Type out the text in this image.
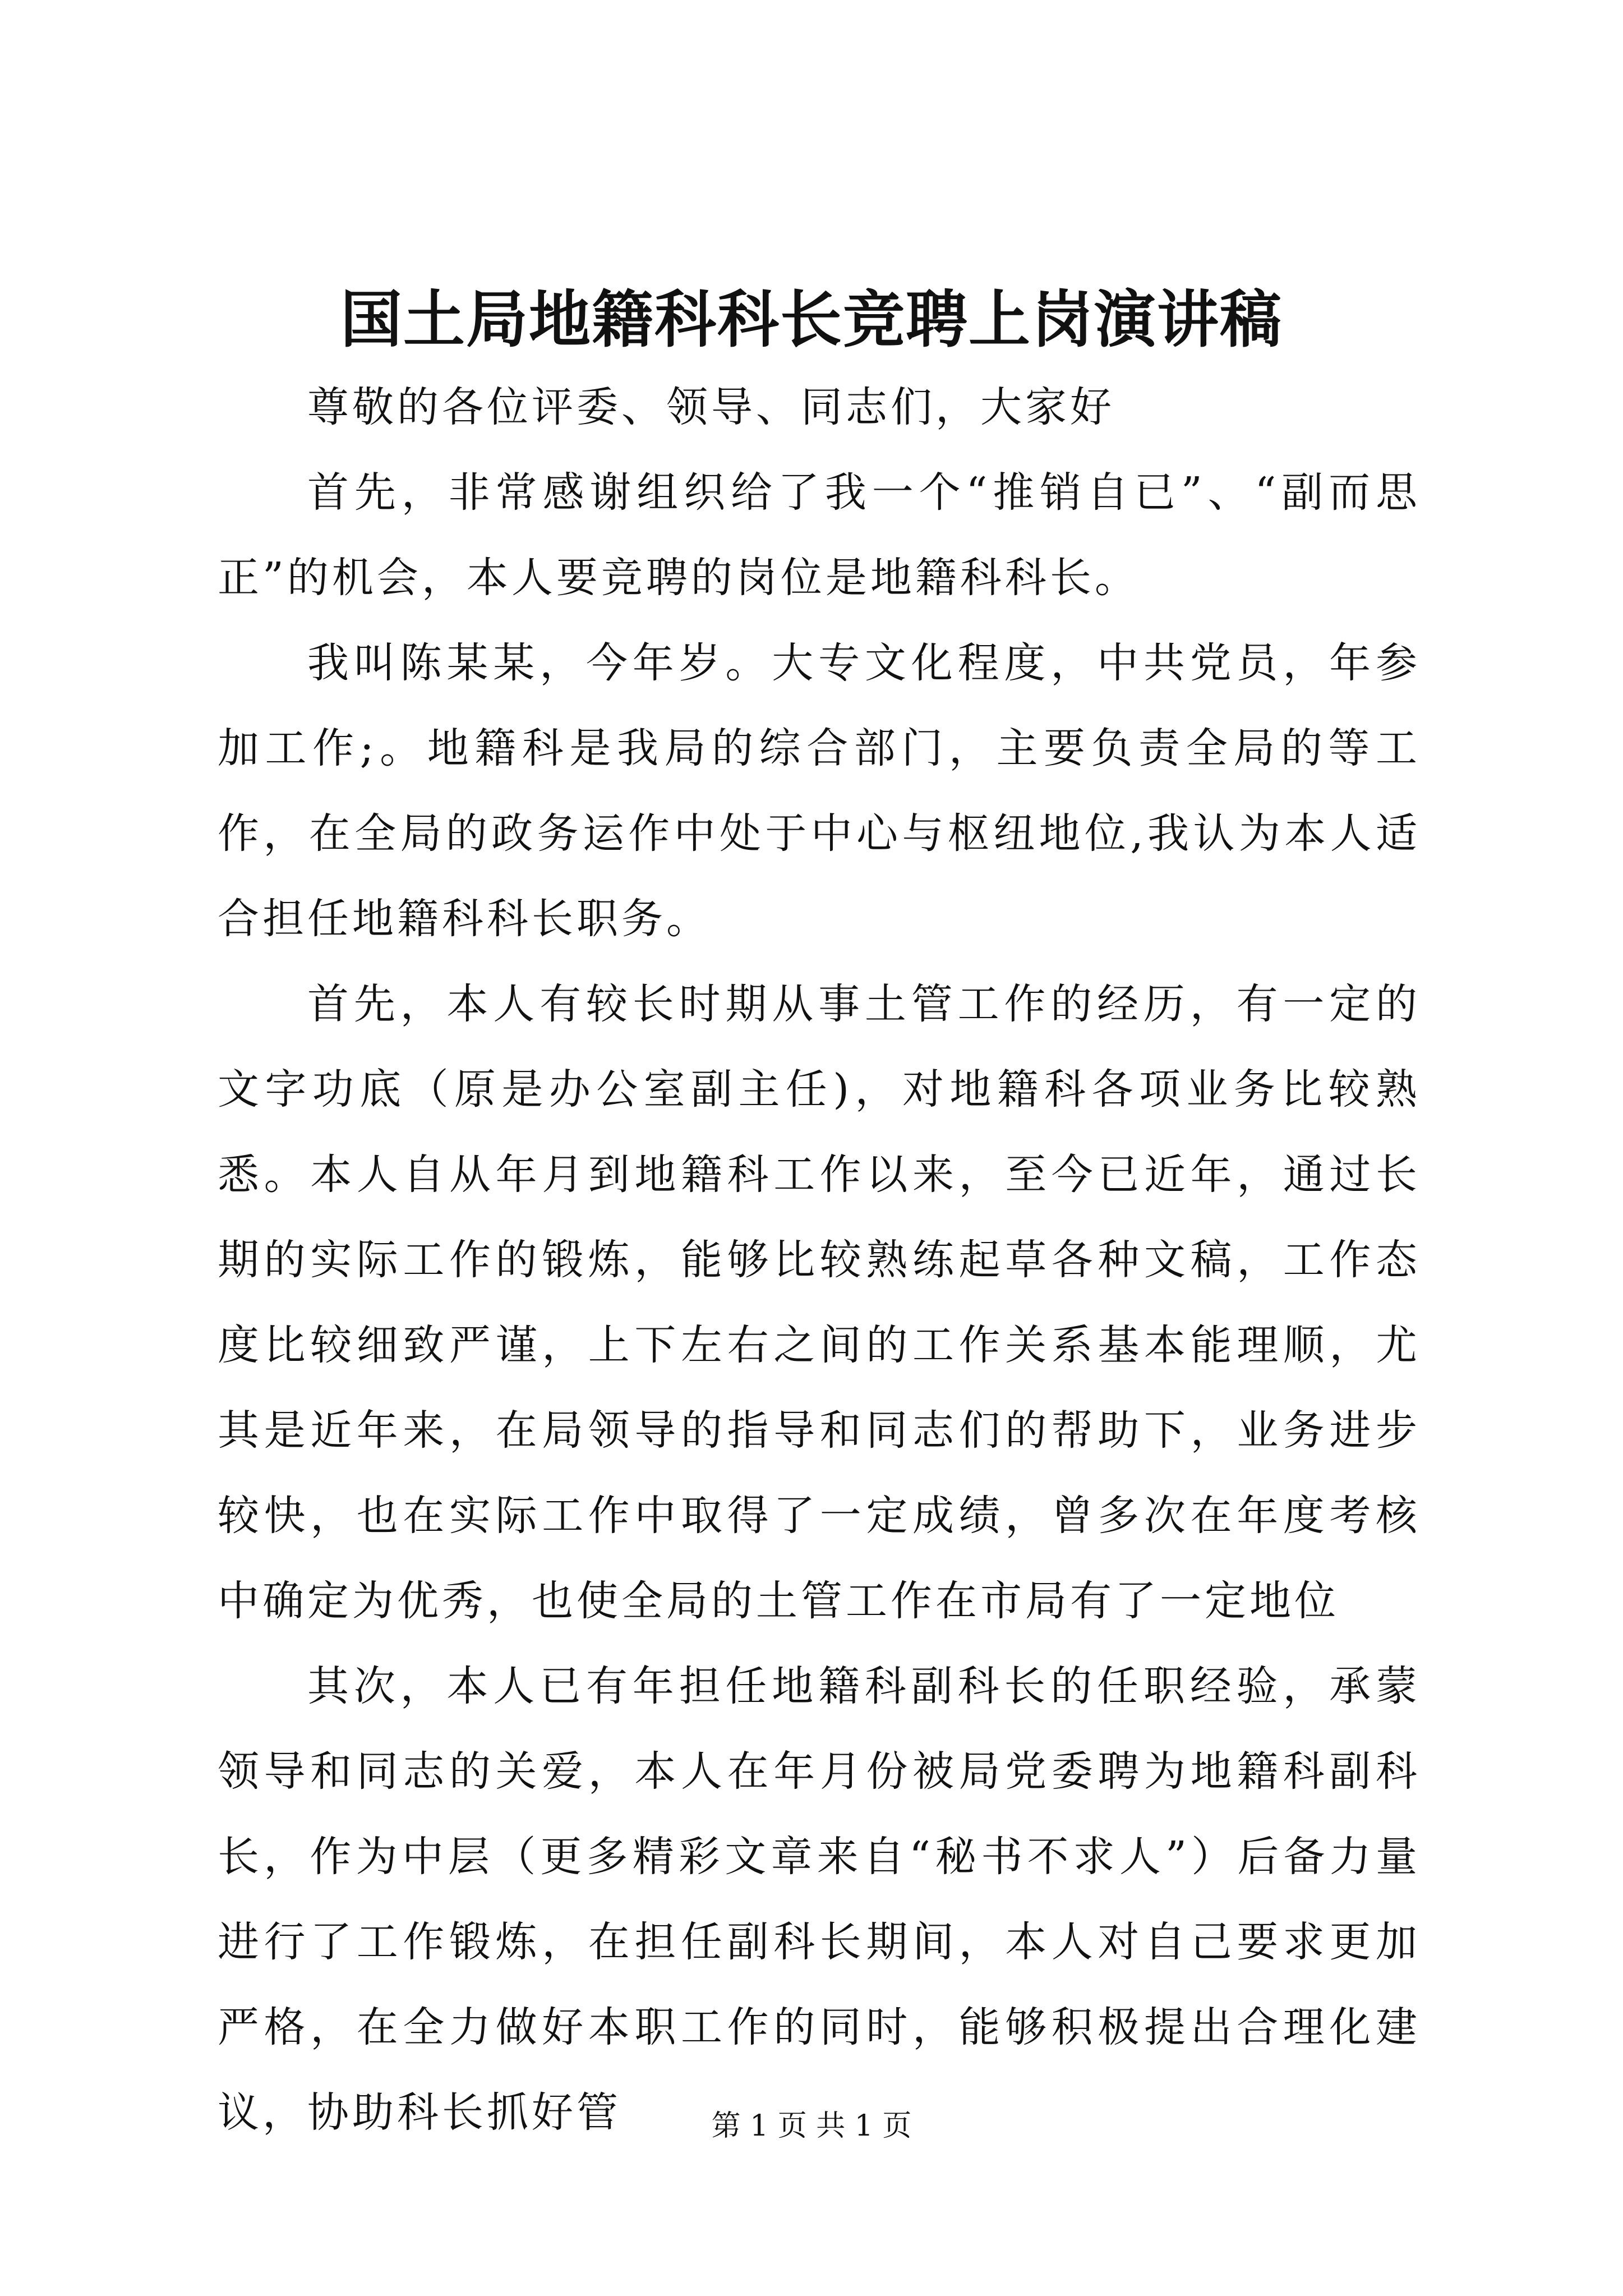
国土局地籍科科长竞聘上岗演讲稿

尊敬的各位评委、领导、同志们，大家好

首先，非常感谢组织给了我一个“推销自已”、“副而思正”的机会，本人要竞聘的岗位是地籍科科长。

我叫陈某某，今年岁。大专文化程度，中共党员，年参加工作;。地籍科是我局的综合部门，主要负责全局的等工作，在全局的政务运作中处于中心与枢纽地位,我认为本人适合担任地籍科科长职务。

首先，本人有较长时期从事土管工作的经历，有一定的文字功底（原是办公室副主任)，对地籍科各项业务比较熟悉。本人自从年月到地籍科工作以来，至今已近年，通过长期的实际工作的锻炼，能够比较熟练起草各种文稿，工作态度比较细致严谨，上下左右之间的工作关系基本能理顺，尤其是近年来，在局领导的指导和同志们的帮助下，业务进步较快，也在实际工作中取得了一定成绩，曾多次在年度考核中确定为优秀，也使全局的土管工作在市局有了一定地位

其次，本人已有年担任地籍科副科长的任职经验，承蒙领导和同志的关爱，本人在年月份被局党委聘为地籍科副科长，作为中层（更多精彩文章来自“秘书不求人”）后备力量进行了工作锻炼，在担任副科长期间，本人对自己要求更加严格，在全力做好本职工作的同时，能够积极提出合理化建议，协助科长抓好管	第 1 页 共 1 页
